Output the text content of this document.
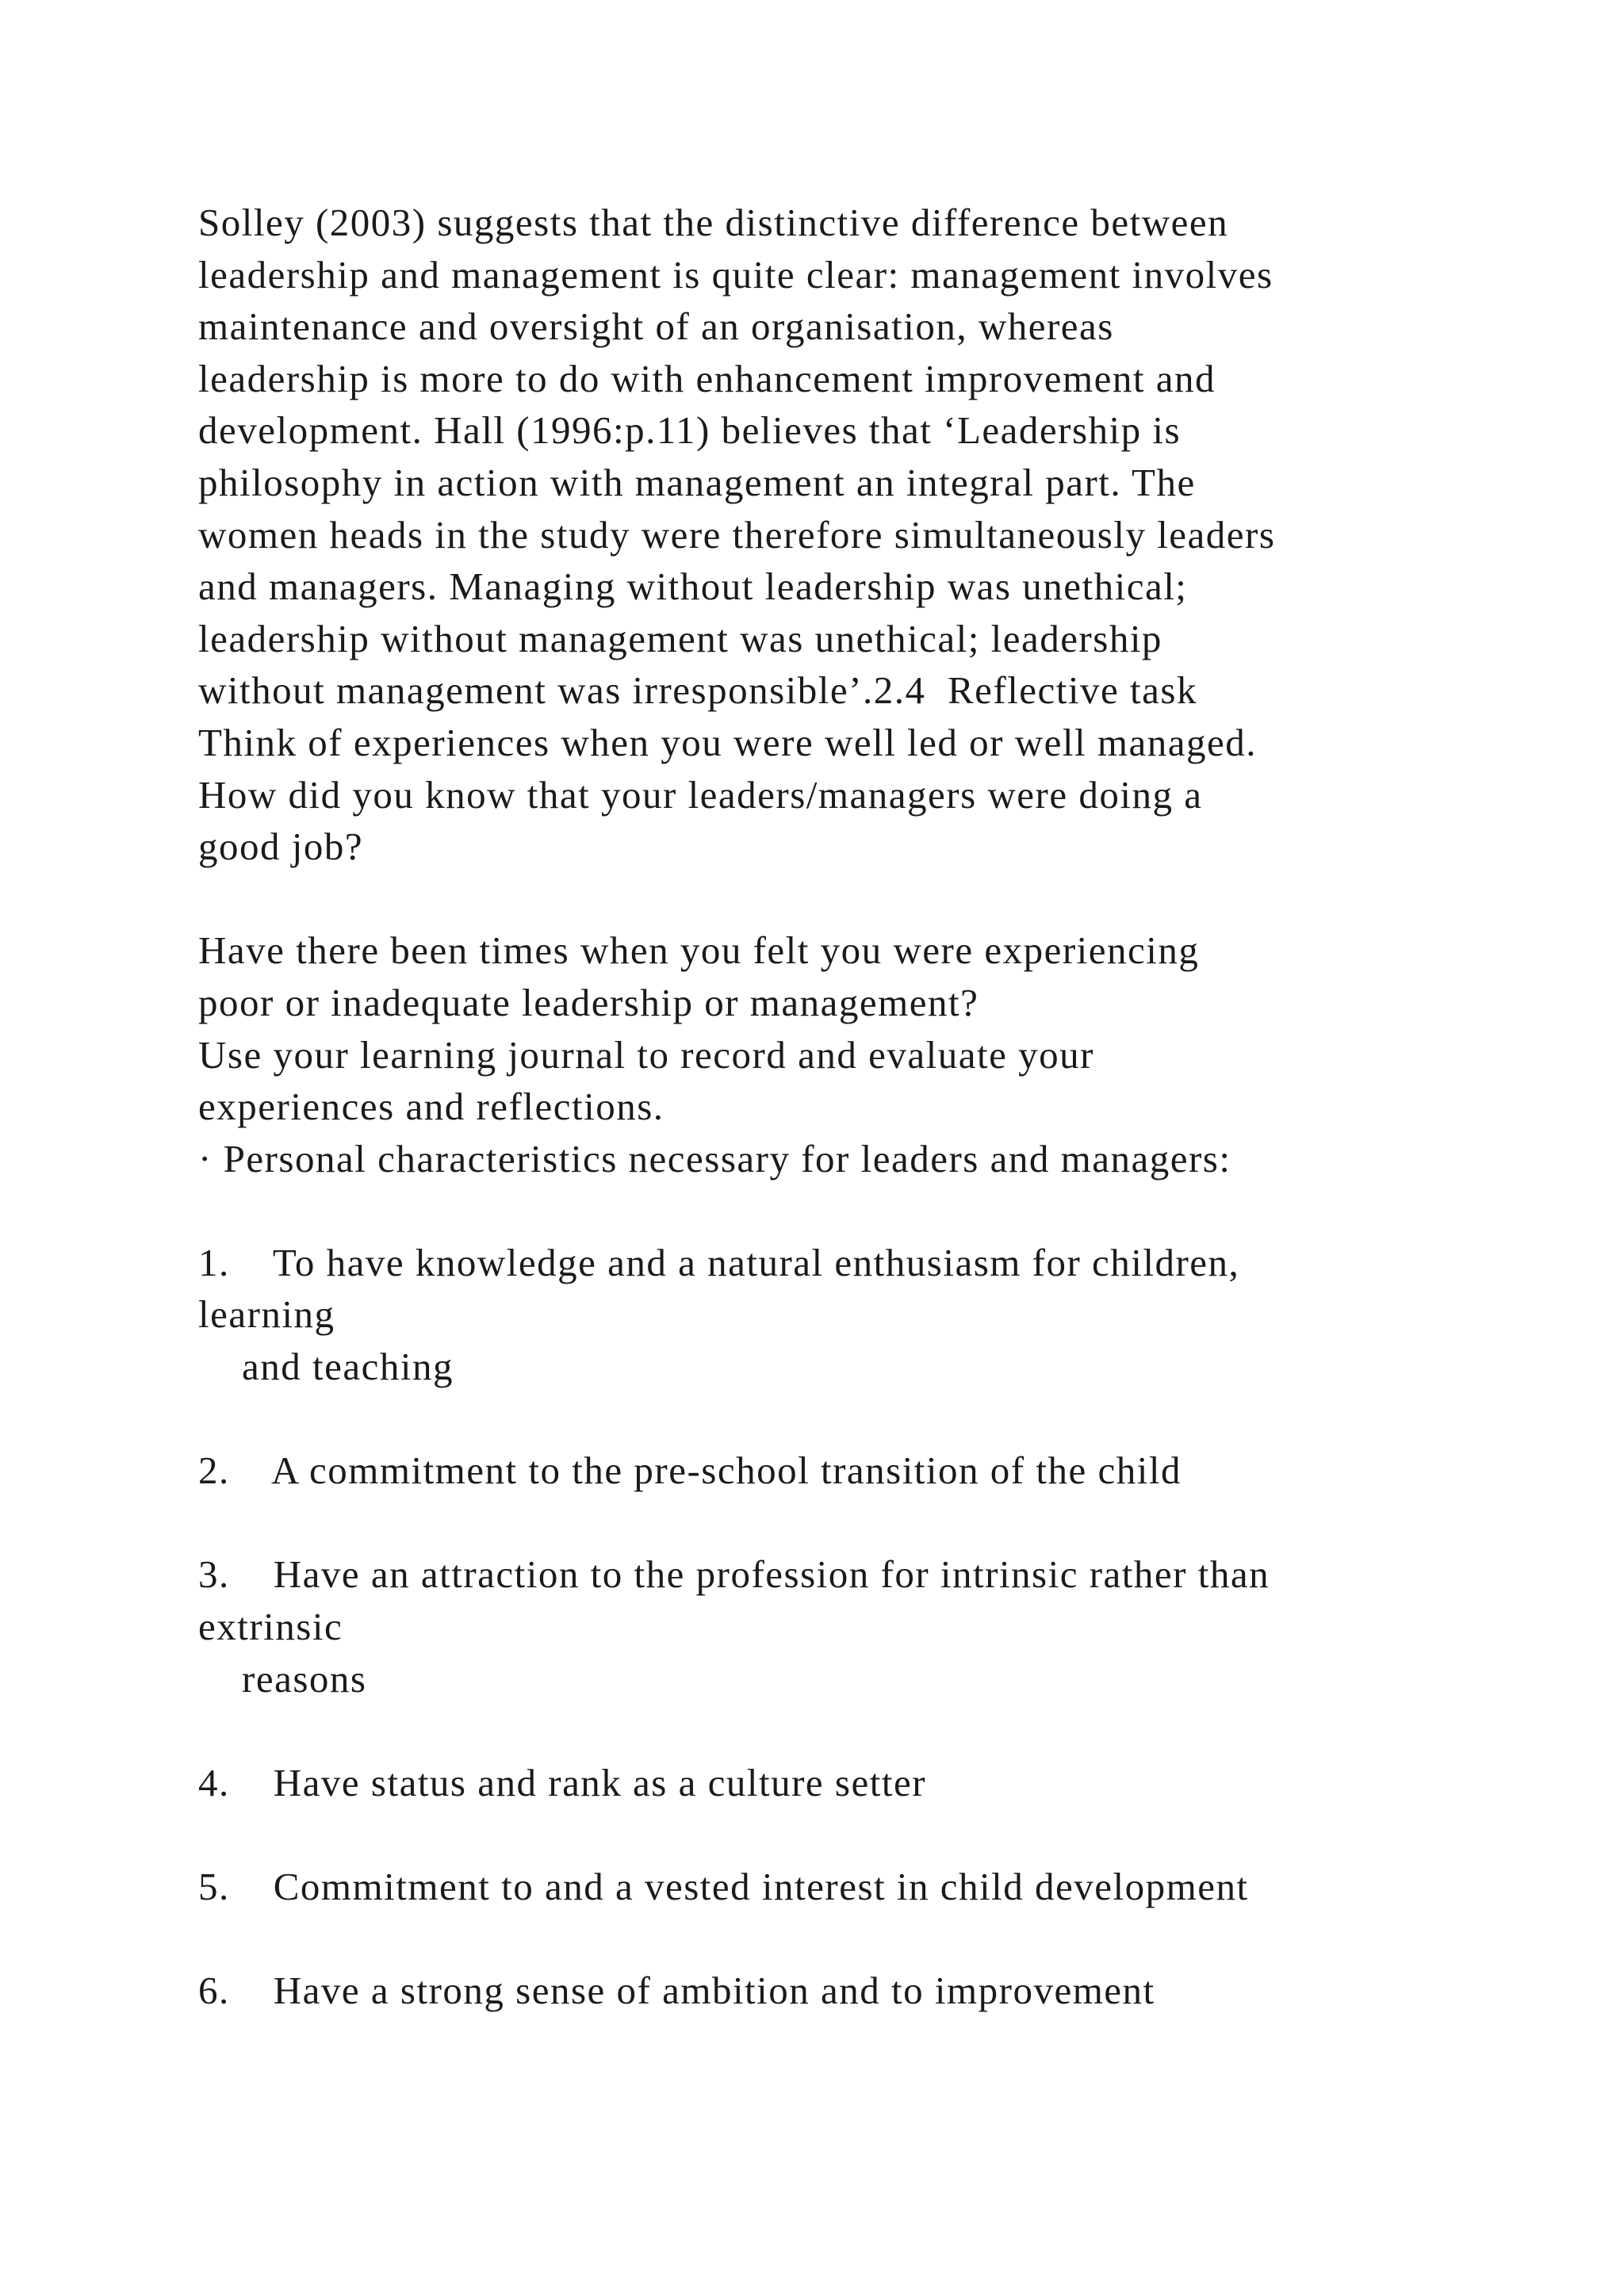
Solley (2003) suggests that the distinctive difference between
leadership and management is quite clear: management involves
maintenance and oversight of an organisation, whereas
leadership is more to do with enhancement improvement and
development. Hall (1996:p.11) believes that ‘Leadership is
philosophy in action with management an integral part. The
women heads in the study were therefore simultaneously leaders
and managers. Managing without leadership was unethical;
leadership without management was unethical; leadership
without management was irresponsible’.2.4  Reflective task
Think of experiences when you were well led or well managed.
How did you know that your leaders/managers were doing a
good job?
Have there been times when you felt you were experiencing
poor or inadequate leadership or management?
Use your learning journal to record and evaluate your
experiences and reflections.
· Personal characteristics necessary for leaders and managers:
1.    To have knowledge and a natural enthusiasm for children,
learning
and teaching
2.    A commitment to the pre-school transition of the child
3.    Have an attraction to the profession for intrinsic rather than
extrinsic
reasons
4.    Have status and rank as a culture setter
5.    Commitment to and a vested interest in child development
6.    Have a strong sense of ambition and to improvement
